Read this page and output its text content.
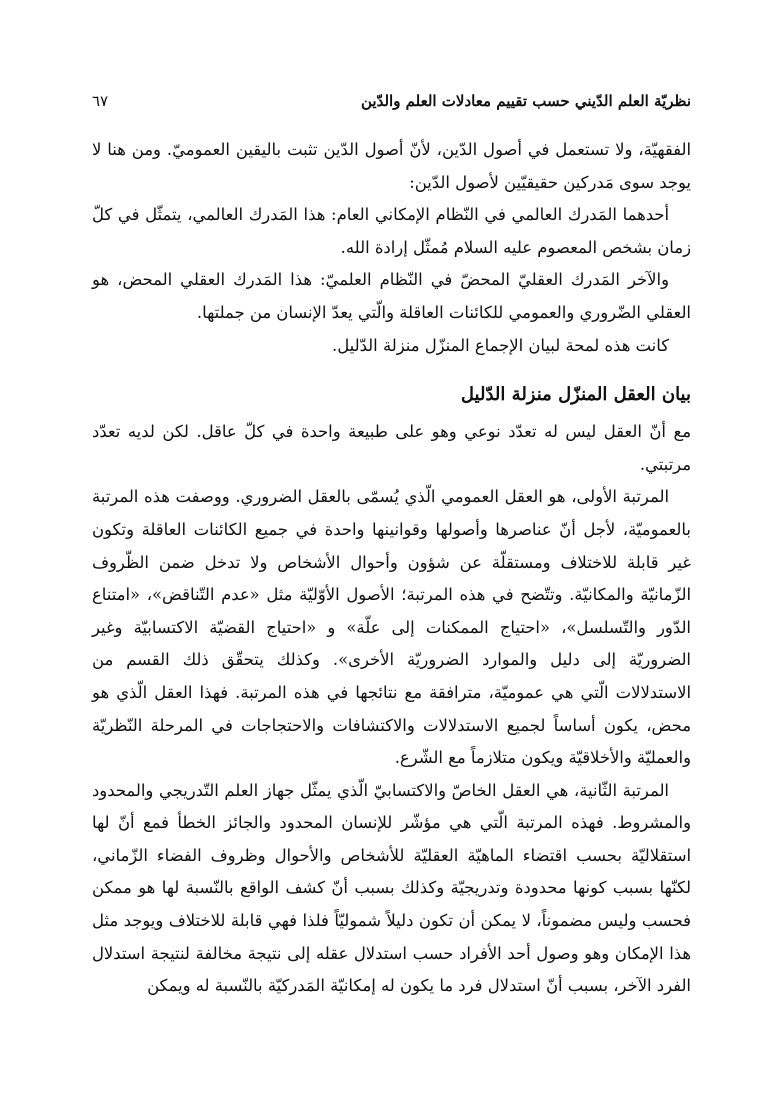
نظريّة العلم الدّيني حسب تقييم معادلات العلم والدّين
٦٧

الفقهيّة، ولا تستعمل في أصول الدّين، لأنّ أصول الدّين تثبت باليقين العموميّ. ومن هنا لا يوجد سوى مَدركين حقيقيّين لأصول الدّين:

أحدهما المَدرك العالمي في النّظام الإمكاني العام: هذا المَدرك العالمي، يتمثّل في كلّ زمان بشخص المعصوم عليه السلام مُمثّل إرادة الله.

والآخر المَدرك العقليّ المحضّ في النّظام العلميّ: هذا المَدرك العقلي المحض، هو العقلي الضّروري والعمومي للكائنات العاقلة والّتي يعدّ الإنسان من جملتها.

كانت هذه لمحة لبيان الإجماع المنزّل منزلة الدّليل.

بيان العقل المنزّل منزلة الدّليل

مع أنّ العقل ليس له تعدّد نوعي وهو على طبيعة واحدة في كلّ عاقل. لكن لديه تعدّد مرتبتي.

المرتبة الأولى، هو العقل العمومي الّذي يُسمّى بالعقل الضروري. ووصفت هذه المرتبة بالعموميّة، لأجل أنّ عناصرها وأصولها وقوانينها واحدة في جميع الكائنات العاقلة وتكون غير قابلة للاختلاف ومستقلّة عن شؤون وأحوال الأشخاص ولا تدخل ضمن الظّروف الزّمانيّة والمكانيّة. وتتّضح في هذه المرتبة؛ الأصول الأوّليّة مثل «عدم التّناقض»، «امتناع الدّور والتّسلسل»، «احتياج الممكنات إلى علّة» و «احتياج القضيّة الاكتسابيّة وغير الضروريّة إلى دليل والموارد الضروريّة الأخرى». وكذلك يتحقّق ذلك القسم من الاستدلالات الّتي هي عموميّة، مترافقة مع نتائجها في هذه المرتبة. فهذا العقل الّذي هو محض، يكون أساساً لجميع الاستدلالات والاكتشافات والاحتجاجات في المرحلة النّظريّة والعمليّة والأخلاقيّة ويكون متلازماً مع الشّرع.

المرتبة الثّانية، هي العقل الخاصّ والاكتسابيّ الّذي يمثّل جهاز العلم التّدريجي والمحدود والمشروط. فهذه المرتبة الّتي هي مؤشّر للإنسان المحدود والجائز الخطأ فمع أنّ لها استقلاليّة بحسب اقتضاء الماهيّة العقليّة للأشخاص والأحوال وظروف الفضاء الزّماني، لكنّها بسبب كونها محدودة وتدريجيّة وكذلك بسبب أنّ كشف الواقع بالنّسبة لها هو ممكن فحسب وليس مضموناً، لا يمكن أن تكون دليلاً شموليّاً فلذا فهي قابلة للاختلاف ويوجد مثل هذا الإمكان وهو وصول أحد الأفراد حسب استدلال عقله إلى نتيجة مخالفة لنتيجة استدلال الفرد الآخر، بسبب أنّ استدلال فرد ما يكون له إمكانيّة المَدركيّة بالنّسبة له ويمكن
